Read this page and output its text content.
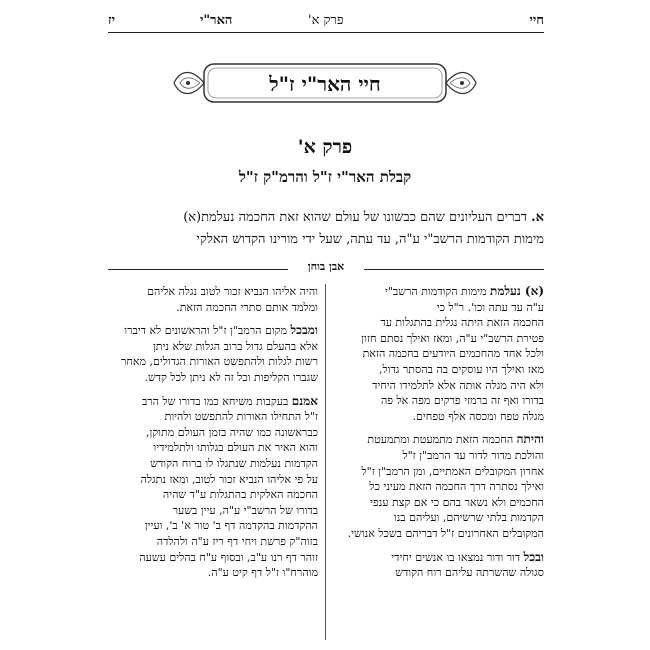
חיי
פרק א'
האר"י
יז
חיי האר"י ז"ל
פרק א'
קבלת האר"י ז"ל והרמ"ק ז"ל
א. דברים העליונים שהם כבשונו של עולם שהוא זאת החכמה נעלמת(א)
מימות הקודמות הרשב"י ע"ה, עד עתה, שעל ידי מורינו הקדוש האלקי
אבן בוחן
(א) נעלמת מימות הקודמות הרשב"י
ע"ה עד עתה וכו'. ר"ל כי
החכמה הזאת היתה נגלית בהתגלות עד
פטירת הרשב"י ע"ה, ומאז ואילך נסתם חזון
ולכל אחד מהחכמים היודעים בחכמה הזאת
מאז ואילך היו עוסקים בה בהסתר גדול,
ולא היה מגלה אותה אלא לתלמידו היחיד
בדורו ואף זה ברמזי פרקים מפה אל פה
מגלה טפח ומכסה אלף טפחים.
והיתה החכמה הזאת מתמעטת ומתמעטת
והולכת מדור לדור עד הרמב"ן ז"ל
אחרון המקובלים האמתיים, ומן הרמב"ן ז"ל
ואילך נסתרה דרך החכמה הזאת מעיני כל
החכמים ולא נשאר בהם כי אם קצת ענפי
הקדמות בלתי שרשיהם, ועליהם בנו
המקובלים האחרונים ז"ל דבריהם בשכל אנושי.
ובכל דור ודור נמצאו בו אנשים יחידי
סגולה שהשרתה עליהם רוח הקודש
והיה אליהו הנביא זכור לטוב נגלה אליהם
ומלמד אותם סתרי החכמה הזאת.
ומבכל מקום הרמב"ן ז"ל והראשונים לא דיברו
אלא בהעלם גדול ברוב הגלות שלא ניתן
רשות לגלות ולהתפשט האורות הגדולים, מאחר
שגברו הקליפות וכל זה לא ניתן לכל קדש.
אמנם בעקבות משיחא כמו בדורו של הרב
ז"ל התחילו האורות להתפשט ולהיות
כבראשונה כמו שהיה בזמן העולם מתוקן,
והוא האיר את העולם בגלותו ולתלמידיו
הקדמות נעלמות שנתגלו לו ברוח הקודש
על פי אליהו הנביא זכור לטוב, ומאז נתגלה
החכמה האלקית בהתגלות ע"ד שהיה
בדורו של הרשב"י ע"ה, עיין בשער
ההקדמות בהקדמה דף ב' טור א' ב', ועיין
בזוה"ק פרשת ויחי דף ריז ע"ה ולהלדה
זוהר דף רנו ע"ב, ובסוף ע"ח בהלים עשעה
מוהרח"ו ז"ל דף קיט ע"ה.
